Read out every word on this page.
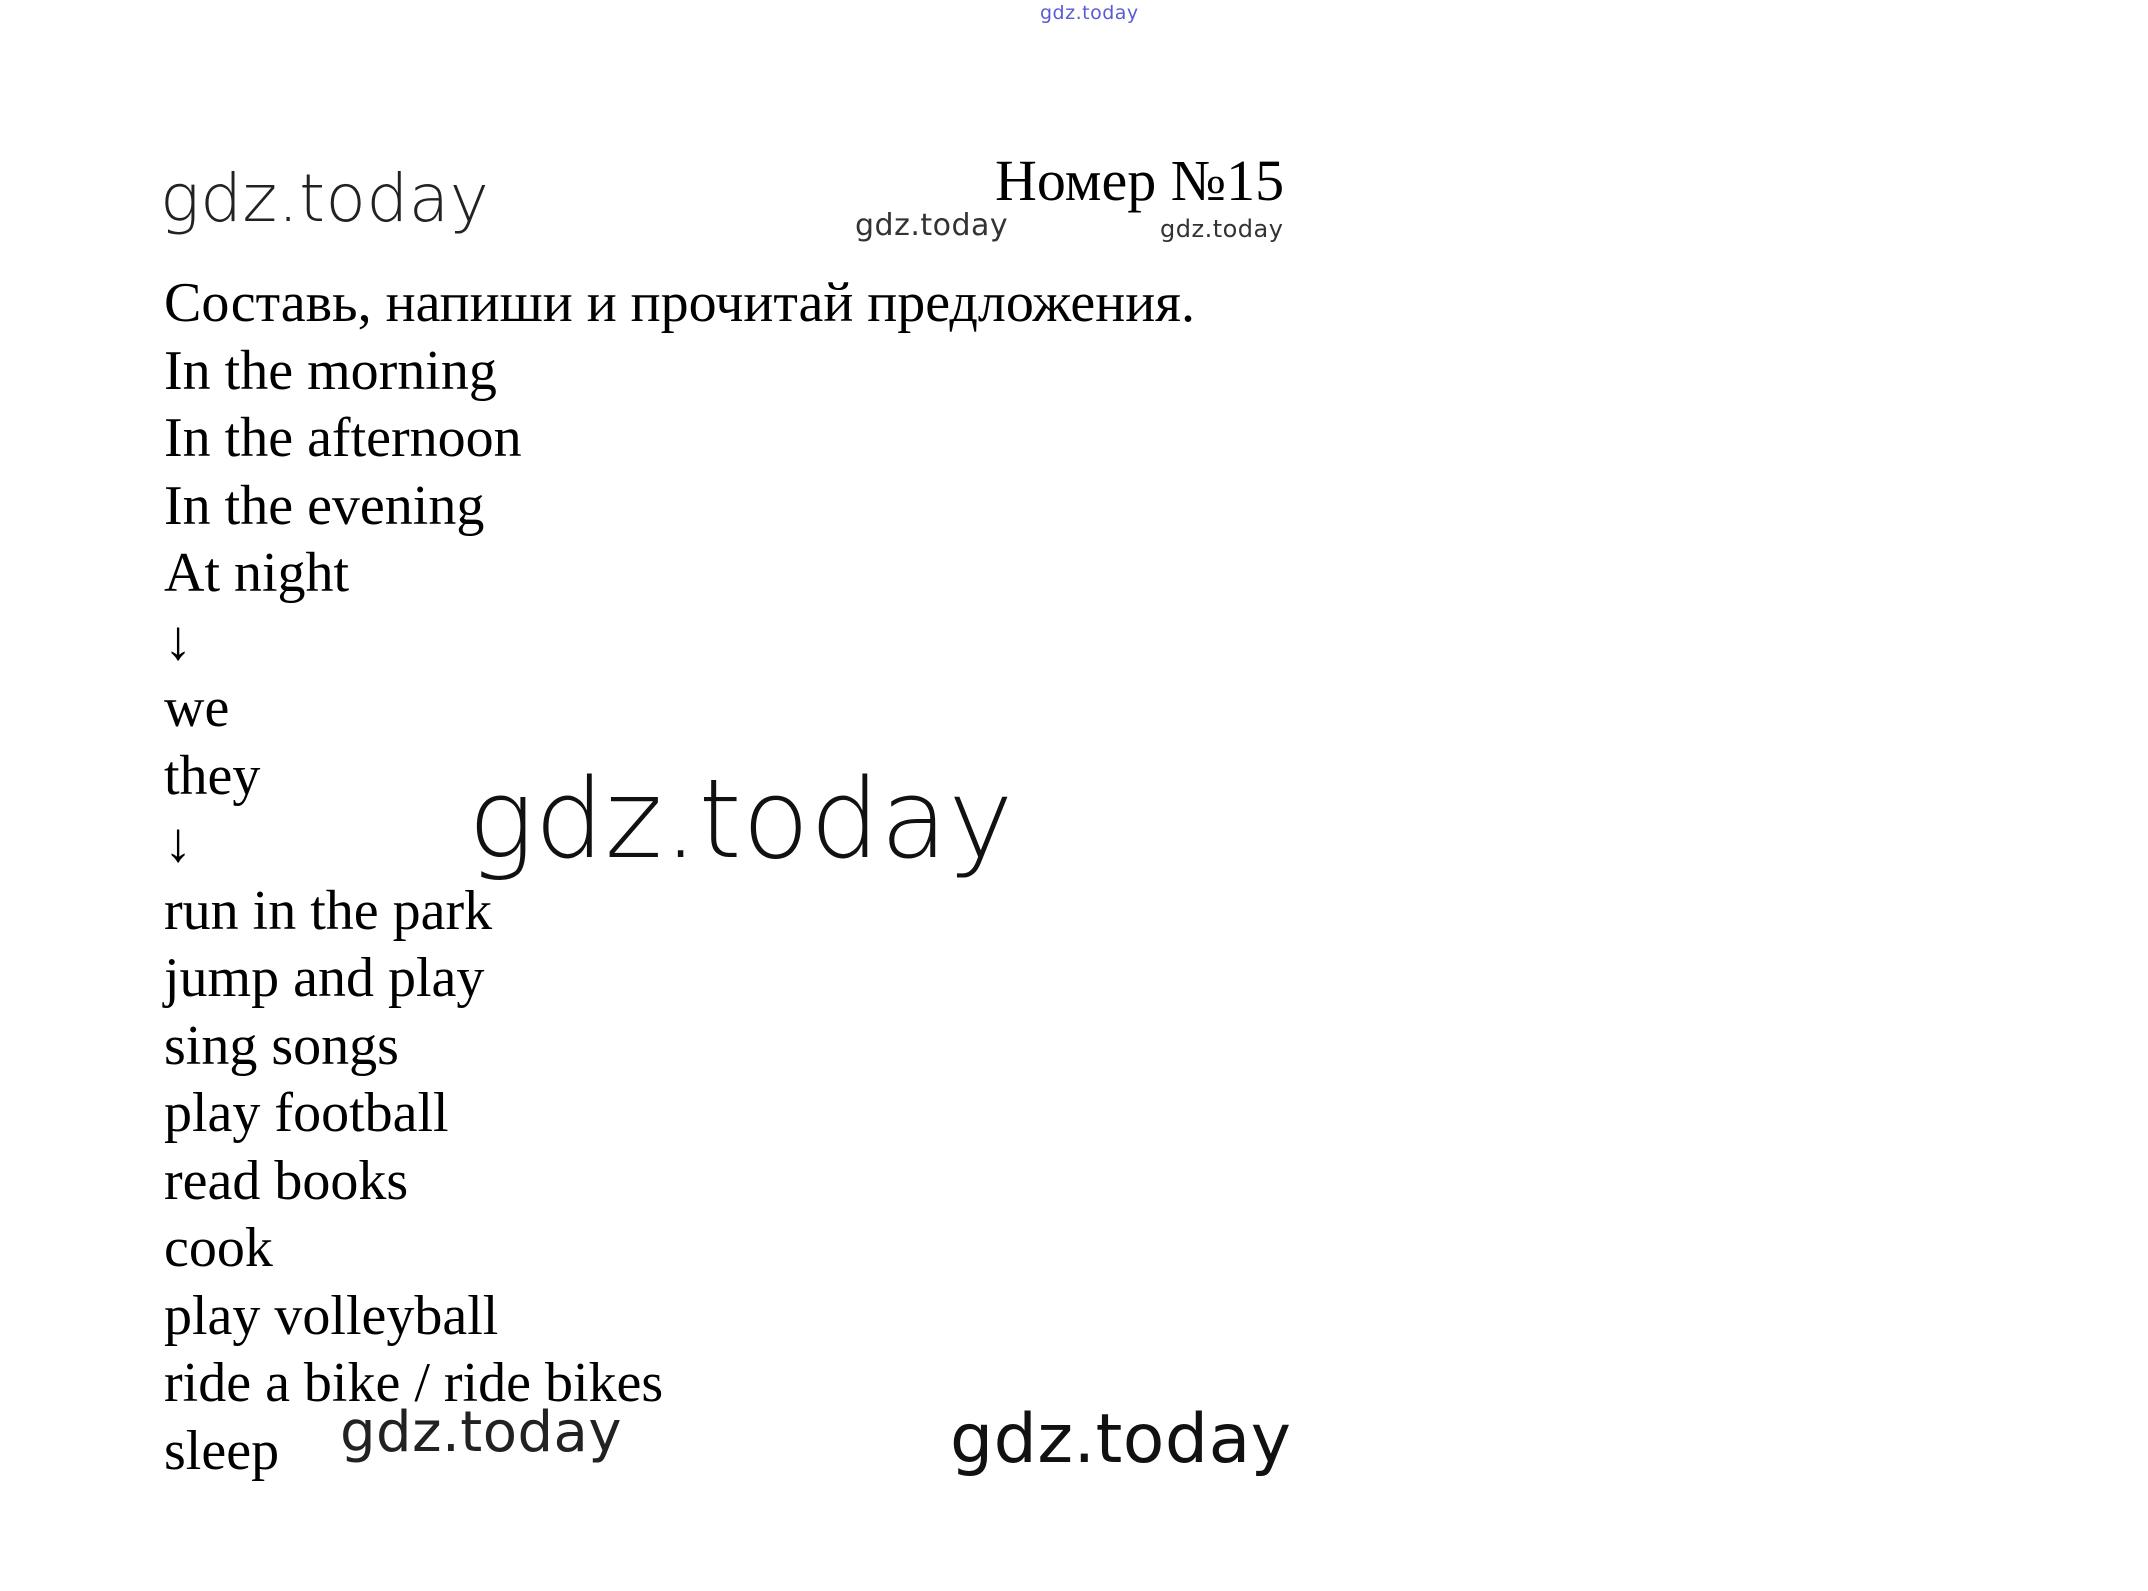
gdz.today
gdz.today	gdz.today	gdz.today
Номер №15
Составь, напиши и прочитай предложения.
In the morning
In the afternoon
In the evening
At night
↓
we
they
↓
run in the park
jump and play
sing songs
play football
read books
cook
play volleyball
ride a bike / ride bikes
sleep
gdz.today
gdz.today	gdz.today
